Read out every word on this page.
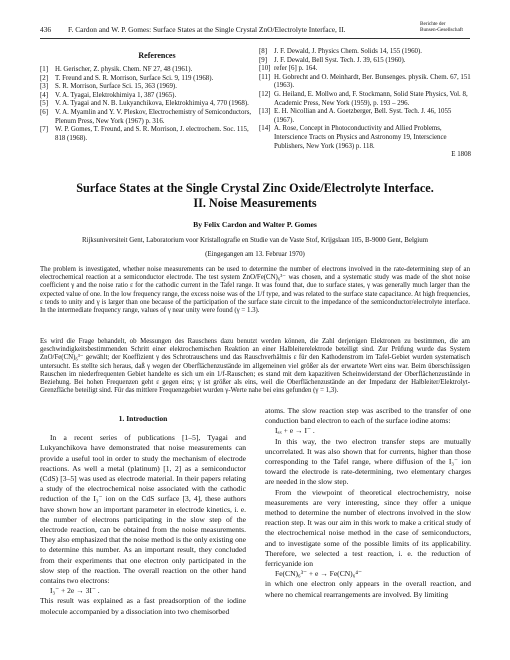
436 F. Cardon and W. P. Gomes: Surface States at the Single Crystal ZnO/Electrolyte Interface, II.
Berichte der
Bunsen-Gesellschaft
References
[1]	H. Gerischer, Z. physik. Chem. NF 27, 48 (1961).
[2]	T. Freund and S. R. Morrison, Surface Sci. 9, 119 (1968).
[3]	S. R. Morrison, Surface Sci. 15, 363 (1969).
[4]	V. A. Tyagai, Elektrokhimiya 1, 387 (1965).
[5]	V. A. Tyagai and N. B. Lukyanchikova, Elektrokhimiya 4, 770 (1968).
[6]	V. A. Myamlin and Y. V. Pleskov, Electrochemistry of Semiconductors, Plenum Press, New York (1967) p. 316.
[7]	W. P. Gomes, T. Freund, and S. R. Morrison, J. electrochem. Soc. 115, 818 (1968).
[8]	J. F. Dewald, J. Physics Chem. Solids 14, 155 (1960).
[9]	J. F. Dewald, Bell Syst. Tech. J. 39, 615 (1960).
[10] refer [6] p. 164.
[11] H. Gobrecht and O. Meinhardt, Ber. Bunsenges. physik. Chem. 67, 151 (1963).
[12] G. Heiland, E. Mollwo and, F. Stockmann, Solid State Physics, Vol. 8, Academic Press, New York (1959), p. 193 – 296.
[13] E. H. Nicollian and A. Goetzberger, Bell. Syst. Tech. J. 46, 1055 (1967).
[14] A. Rose, Concept in Photoconductivity and Allied Problems, Interscience Tracts on Physics and Astronomy 19, Interscience Publishers, New York (1963) p. 118.
E 1808
Surface States at the Single Crystal Zinc Oxide/Electrolyte Interface.
II. Noise Measurements
By Felix Cardon and Walter P. Gomes
Rijksuniversiteit Gent, Laboratorium voor Kristallografie en Studie van de Vaste Stof, Krijgslaan 105, B-9000 Gent, Belgium
(Eingegangen am 13. Februar 1970)
The problem is investigated, whether noise measurements can be used to determine the number of electrons involved in the rate-determining step of an electrochemical reaction at a semiconductor electrode. The test system ZnO/Fe(CN)₆³⁻ was chosen, and a systematic study was made of the shot noise coefficient γ and the noise ratio ε for the cathodic current in the Tafel range. It was found that, due to surface states, γ was generally much larger than the expected value of one. In the low frequency range, the excess noise was of the 1/f type, and was related to the surface state capacitance. At high frequencies, ε tends to unity and γ is larger than one because of the participation of the surface state circuit to the impedance of the semiconductor/electrolyte interface. In the intermediate frequency range, values of γ near unity were found (γ = 1.3).
Es wird die Frage behandelt, ob Messungen des Rauschens dazu benutzt werden können, die Zahl derjenigen Elektronen zu bestimmen, die am geschwindigkeitsbestimmenden Schritt einer elektrochemischen Reaktion an einer Halbleiterelektrode beteiligt sind. Zur Prüfung wurde das System ZnO/Fe(CN)₆³⁻ gewählt; der Koeffizient γ des Schrotrauschens und das Rauschverhältnis ε für den Kathodenstrom im Tafel-Gebiet wurden systematisch untersucht. Es stellte sich heraus, daß γ wegen der Oberflächenzustände im allgemeinen viel größer als der erwartete Wert eins war. Beim überschüssigen Rauschen im niederfrequenten Gebiet handelte es sich um ein 1/f-Rauschen; es stand mit dem kapazitiven Scheinwiderstand der Oberflächenzustände in Beziehung. Bei hohen Frequenzen geht ε gegen eins; γ ist größer als eins, weil die Oberflächenzustände an der Impedanz der Halbleiter/Elektrolyt-Grenzfläche beteiligt sind. Für das mittlere Frequenzgebiet wurden γ-Werte nahe bei eins gefunden (γ = 1,3).
1. Introduction

In a recent series of publications [1–5], Tyagai and Lukyanchikova have demonstrated that noise measurements can provide a useful tool in order to study the mechanism of electrode reactions. As well a metal (platinum) [1, 2] as a semiconductor (CdS) [3–5] was used as electrode material. In their papers relating a study of the electrochemical noise associated with the cathodic reduction of the I₃⁻ ion on the CdS surface [3, 4], these authors have shown how an important parameter in electrode kinetics, i. e. the number of electrons participating in the slow step of the electrode reaction, can be obtained from the noise measurements. They also emphasized that the noise method is the only existing one to determine this number. As an important result, they concluded from their experiments that one electron only participated in the slow step of the reaction. The overall reaction on the other hand contains two electrons:

I₃⁻ + 2e → 3I⁻ .

This result was explained as a fast preadsorption of the iodine molecule accompanied by a dissociation into two chemisorbed

atoms. The slow reaction step was ascribed to the transfer of one conduction band electron to each of the surface iodine atoms:

Iₐₓ + e → I⁻ .

In this way, the two electron transfer steps are mutually uncorrelated. It was also shown that for currents, higher than those corresponding to the Tafel range, where diffusion of the I₃⁻ ion toward the electrode is rate-determining, two elementary charges are needed in the slow step.

From the viewpoint of theoretical electrochemistry, noise measurements are very interesting, since they offer a unique method to determine the number of electrons involved in the slow reaction step. It was our aim in this work to make a critical study of the electrochemical noise method in the case of semiconductors, and to investigate some of the possible limits of its applicability. Therefore, we selected a test reaction, i. e. the reduction of ferricyanide ion

Fe(CN)₆³⁻ + e → Fe(CN)₆⁴⁻

in which one electron only appears in the overall reaction, and where no chemical rearrangements are involved. By limiting
